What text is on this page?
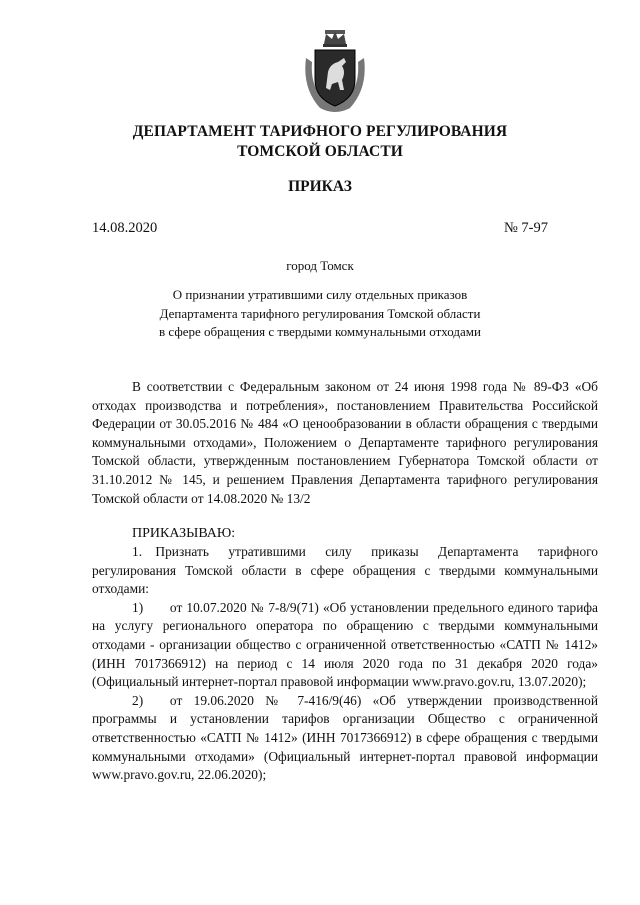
ДЕПАРТАМЕНТ ТАРИФНОГО РЕГУЛИРОВАНИЯ
ТОМСКОЙ ОБЛАСТИ
ПРИКАЗ
14.08.2020	№ 7-97
город Томск
О признании утратившими силу отдельных приказов
Департамента тарифного регулирования Томской области
в сфере обращения с твердыми коммунальными отходами

В соответствии с Федеральным законом от 24 июня 1998 года № 89-ФЗ «Об отходах производства и потребления», постановлением Правительства Российской Федерации от 30.05.2016 № 484 «О ценообразовании в области обращения с твердыми коммунальными отходами», Положением о Департаменте тарифного регулирования Томской области, утвержденным постановлением Губернатора Томской области от 31.10.2012 № 145, и решением Правления Департамента тарифного регулирования Томской области от 14.08.2020 № 13/2

ПРИКАЗЫВАЮ:

1. Признать утратившими силу приказы Департамента тарифного регулирования Томской области в сфере обращения с твердыми коммунальными отходами:

1)  от 10.07.2020 № 7-8/9(71) «Об установлении предельного единого тарифа на услугу регионального оператора по обращению с твердыми коммунальными отходами - организации общество с ограниченной ответственностью «САТП № 1412» (ИНН 7017366912) на период с 14 июля 2020 года по 31 декабря 2020 года» (Официальный интернет-портал правовой информации www.pravo.gov.ru, 13.07.2020);

2)  от 19.06.2020 № 7-416/9(46) «Об утверждении производственной программы и установлении тарифов организации Общество с ограниченной ответственностью «САТП № 1412» (ИНН 7017366912) в сфере обращения с твердыми коммунальными отходами» (Официальный интернет-портал правовой информации www.pravo.gov.ru, 22.06.2020);
